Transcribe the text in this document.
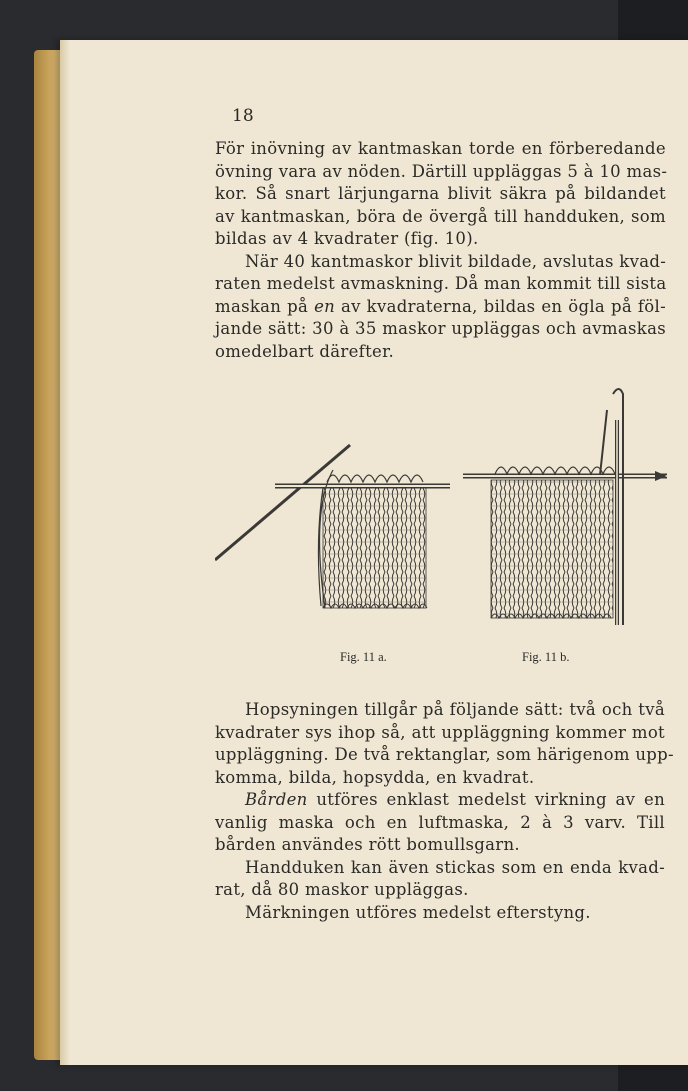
18
För inövning av kantmaskan torde en förberedande
övning vara av nöden. Därtill uppläggas 5 à 10 mas-
kor. Så snart lärjungarna blivit säkra på bildandet
av kantmaskan, böra de övergå till handduken, som
bildas av 4 kvadrater (fig. 10).
När 40 kantmaskor blivit bildade, avslutas kvad-
raten medelst avmaskning. Då man kommit till sista
maskan på en av kvadraterna, bildas en ögla på föl-
jande sätt: 30 à 35 maskor uppläggas och avmaskas
omedelbart därefter.
Fig. 11 a.	Fig. 11 b.
Hopsyningen tillgår på följande sätt: två och två
kvadrater sys ihop så, att uppläggning kommer mot
uppläggning. De två rektanglar, som härigenom upp-
komma, bilda, hopsydda, en kvadrat.
Bården utföres enklast medelst virkning av en
vanlig maska och en luftmaska, 2 à 3 varv. Till
bården användes rött bomullsgarn.
Handduken kan även stickas som en enda kvad-
rat, då 80 maskor uppläggas.
Märkningen utföres medelst efterstyng.
